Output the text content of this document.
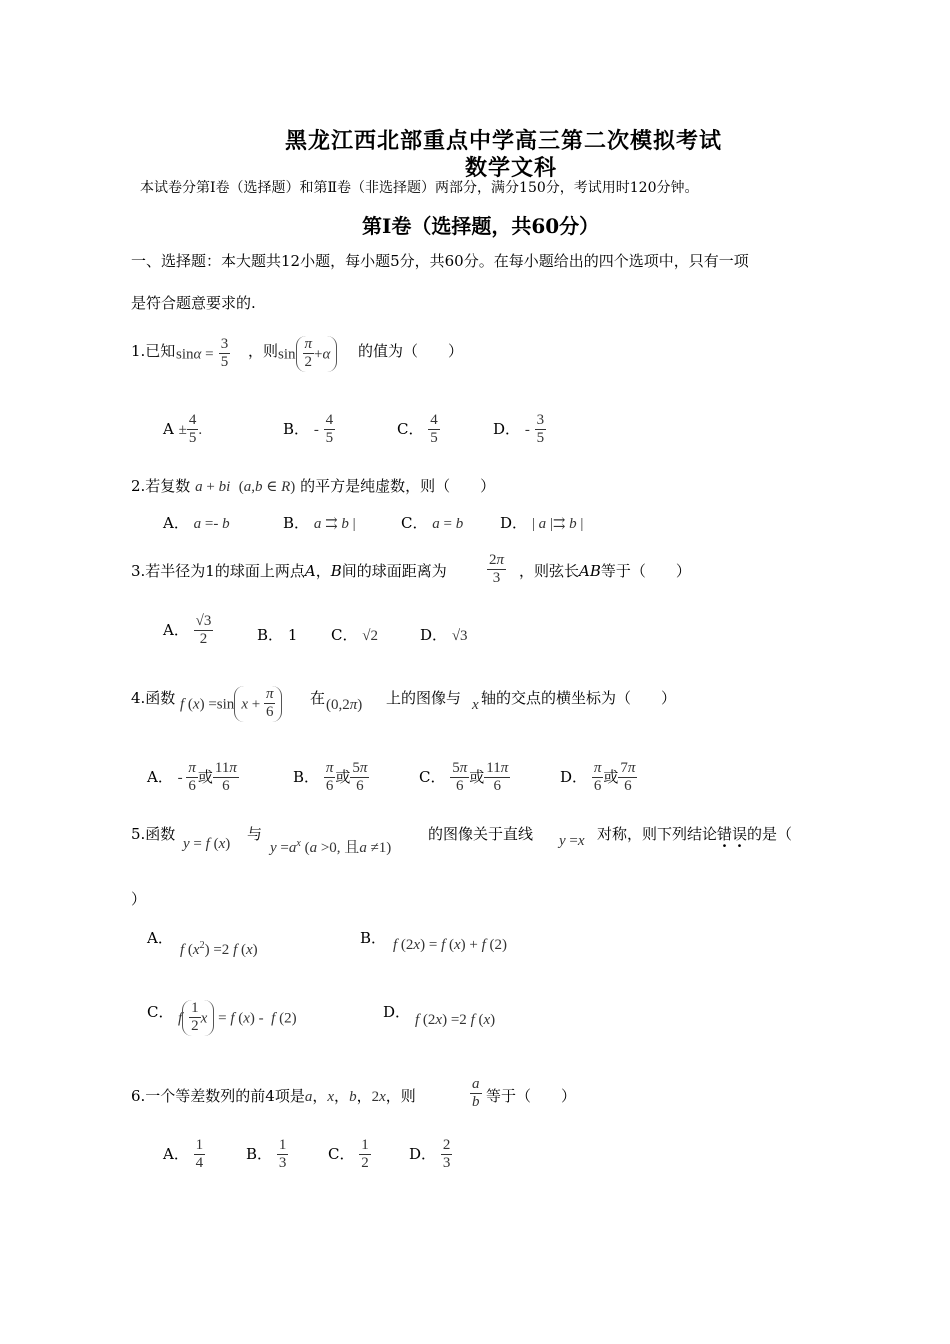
黑龙江西北部重点中学高三第二次模拟考试
数学文科
本试卷分第Ⅰ卷（选择题）和第Ⅱ卷（非选择题）两部分，满分150分，考试用时120分钟。
第Ⅰ卷（选择题，共60分）
一、选择题：本大题共12小题，每小题5分，共60分。在每小题给出的四个选项中，只有一项
是符合题意要求的.
1.已知 $\sin\alpha = \frac{3}{5}$ ，则 $\sin \frac{\pi}{2} +\alpha$	的值为（　　）
$A \pm \frac{4}{5}$ .	B． - $\frac{4}{5}$	C． $\frac{4}{5}$	D． - $\frac{3}{5}$
2.若复数 a + bi  (a,b ∈ R) 的平方是纯虚数，则（　　）
A． a =- b	B． a ⇉ b |	C． a = b D． | a |⇉ b |
3.若半径为1的球面上两点A，B间的球面距离为	$\frac{2\pi}{3}$ ，则弦长AB等于（　　）
A． $\frac{√3}{2}$	B． 1 C． √2	D． √3
4.函数 f (x) =sin $x + \frac{\pi}{6}$ 在 (0,2π) 上的图像与 x 轴的交点的横坐标为（　　）
A． - $\frac{\pi}{6}$ 或 $\frac{11\pi}{6}$	B． $\frac{\pi}{6}$ 或 $\frac{5\pi}{6}$	C． $\frac{5\pi}{6}$ 或 $\frac{11\pi}{6}$	D． $\frac{\pi}{6}$ 或 $\frac{7\pi}{6}$
5.函数
y = f (x)
与
$y =a^x$ (a >0, 且a ≠1)
的图像关于直线 y =x 对称，则下列结论错误的是（
）
A．
f $(x^2) =2$ f (x)
B． f (2x) = f (x) + f (2)
C． f $\frac{1}{2}$ x = f (x) -  f (2)	D． f (2x) =2 f (x)
6.一个等差数列的前4项是a，x，b，2x，则	$\frac{a}{b}$ 等于（　　）
A． $\frac{1}{4}$	B． $\frac{1}{3}$	C． $\frac{1}{2}$	D． $\frac{2}{3}$
